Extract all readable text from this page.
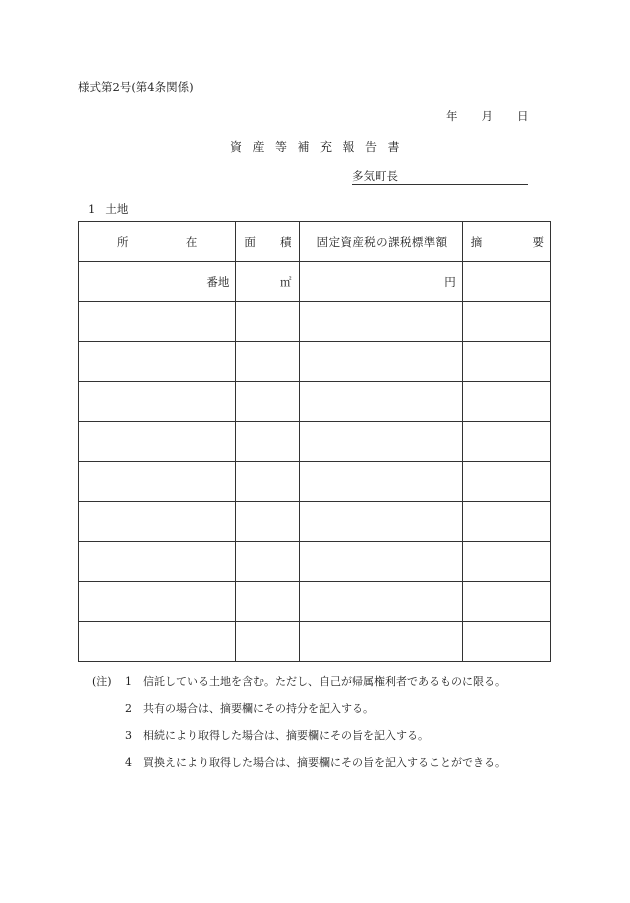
様式第2号(第4条関係)
年 月 日
資産等補充報告書
多気町長
1 土地
所 在	面 積	固定資産税の課税標準額	摘 要

番地	㎡	円	

(注)	1	信託している土地を含む。ただし、自己が帰属権利者であるものに限る。
2	共有の場合は、摘要欄にその持分を記入する。
3	相続により取得した場合は、摘要欄にその旨を記入する。
4	買換えにより取得した場合は、摘要欄にその旨を記入することができる。
